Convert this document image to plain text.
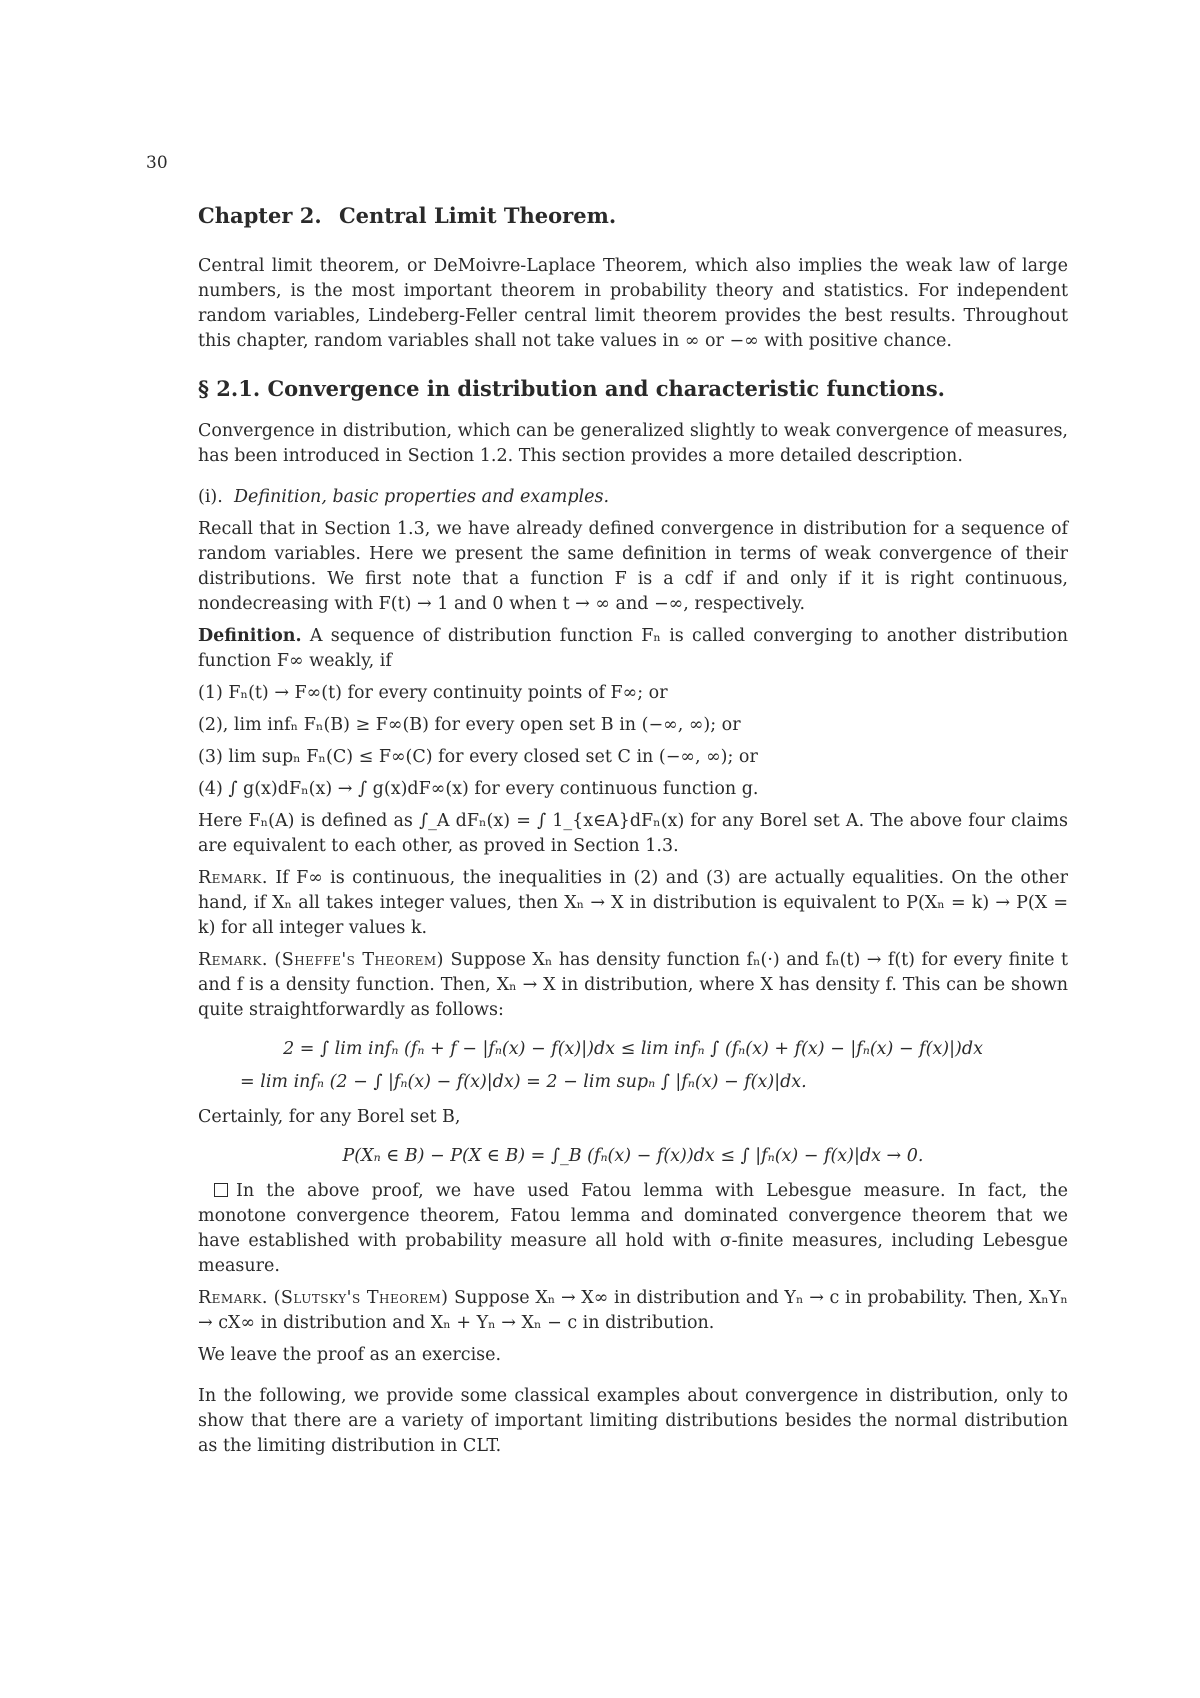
30
Chapter 2. Central Limit Theorem.

Central limit theorem, or DeMoivre-Laplace Theorem, which also implies the weak law of large numbers, is the most important theorem in probability theory and statistics. For independent random variables, Lindeberg-Feller central limit theorem provides the best results. Throughout this chapter, random variables shall not take values in ∞ or −∞ with positive chance.

§ 2.1. Convergence in distribution and characteristic functions.

Convergence in distribution, which can be generalized slightly to weak convergence of measures, has been introduced in Section 1.2. This section provides a more detailed description.

(i). Definition, basic properties and examples.

Recall that in Section 1.3, we have already defined convergence in distribution for a sequence of random variables. Here we present the same definition in terms of weak convergence of their distributions. We first note that a function F is a cdf if and only if it is right continuous, nondecreasing with F(t) → 1 and 0 when t → ∞ and −∞, respectively.

Definition. A sequence of distribution function Fₙ is called converging to another distribution function F∞ weakly, if

(1) Fₙ(t) → F∞(t) for every continuity points of F∞; or

(2), lim infₙ Fₙ(B) ≥ F∞(B) for every open set B in (−∞, ∞); or

(3) lim supₙ Fₙ(C) ≤ F∞(C) for every closed set C in (−∞, ∞); or

(4) ∫ g(x)dFₙ(x) → ∫ g(x)dF∞(x) for every continuous function g.

Here Fₙ(A) is defined as ∫_A dFₙ(x) = ∫ 1_{x∈A}dFₙ(x) for any Borel set A. The above four claims are equivalent to each other, as proved in Section 1.3.

Remark. If F∞ is continuous, the inequalities in (2) and (3) are actually equalities. On the other hand, if Xₙ all takes integer values, then Xₙ → X in distribution is equivalent to P(Xₙ = k) → P(X = k) for all integer values k.

Remark. (Sheffe's Theorem) Suppose Xₙ has density function fₙ(·) and fₙ(t) → f(t) for every finite t and f is a density function. Then, Xₙ → X in distribution, where X has density f. This can be shown quite straightforwardly as follows:

2 = ∫ lim infₙ (fₙ + f − |fₙ(x) − f(x)|)dx ≤ lim infₙ ∫ (fₙ(x) + f(x) − |fₙ(x) − f(x)|)dx
= lim infₙ (2 − ∫ |fₙ(x) − f(x)|dx) = 2 − lim supₙ ∫ |fₙ(x) − f(x)|dx.

Certainly, for any Borel set B,

P(Xₙ ∈ B) − P(X ∈ B) = ∫_B (fₙ(x) − f(x))dx ≤ ∫ |fₙ(x) − f(x)|dx → 0.

In the above proof, we have used Fatou lemma with Lebesgue measure. In fact, the monotone convergence theorem, Fatou lemma and dominated convergence theorem that we have established with probability measure all hold with σ-finite measures, including Lebesgue measure.

Remark. (Slutsky's Theorem) Suppose Xₙ → X∞ in distribution and Yₙ → c in probability. Then, XₙYₙ → cX∞ in distribution and Xₙ + Yₙ → Xₙ − c in distribution.

We leave the proof as an exercise.

In the following, we provide some classical examples about convergence in distribution, only to show that there are a variety of important limiting distributions besides the normal distribution as the limiting distribution in CLT.
